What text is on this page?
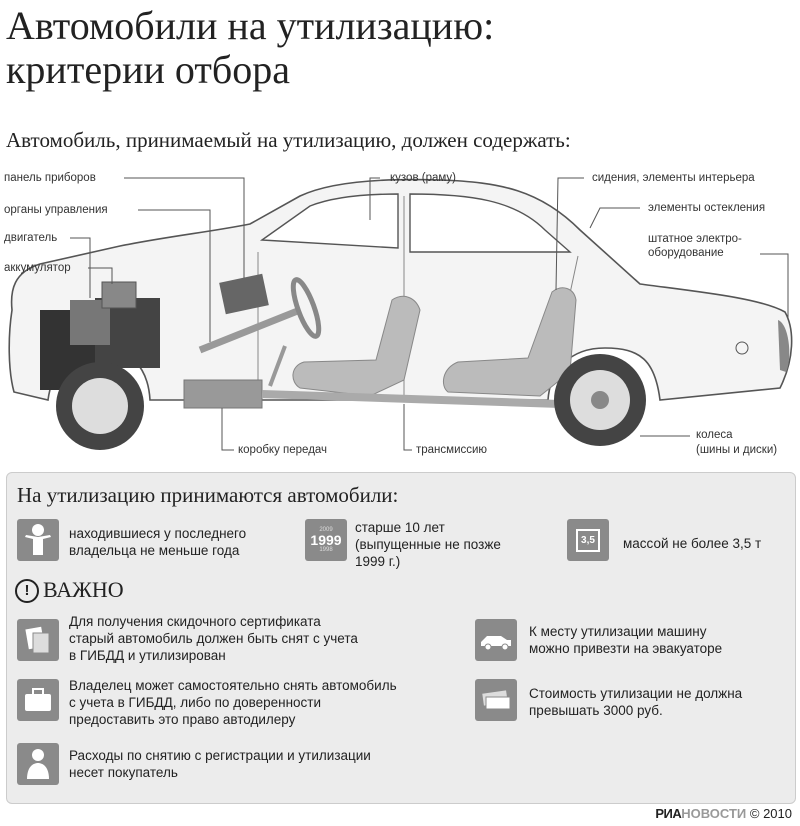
Автомобили на утилизацию:
критерии отбора
Автомобиль, принимаемый на утилизацию, должен содержать:
панель приборов
органы управления
двигатель
аккумулятор
кузов (раму)	сидения, элементы интерьера
элементы остекления
штатное электро-
оборудование
коробку передач	трансмиссию
колеса
(шины и диски)
На утилизацию принимаются автомобили:
находившиеся у последнего
владельца не меньше года
2009
1999
1998
старше 10 лет
(выпущенные не позже
1999 г.)
3,5	массой не более 3,5 т
! ВАЖНО
Для получения скидочного сертификата
старый автомобиль должен быть снят с учета
в ГИБДД и утилизирован
Владелец может самостоятельно снять автомобиль
с учета в ГИБДД, либо по доверенности
предоставить это право автодилеру
Расходы по снятию с регистрации и утилизации
несет покупатель
К месту утилизации машину
можно привезти на эвакуаторе
Стоимость утилизации не должна
превышать 3000 руб.
РИАНОВОСТИ © 2010
